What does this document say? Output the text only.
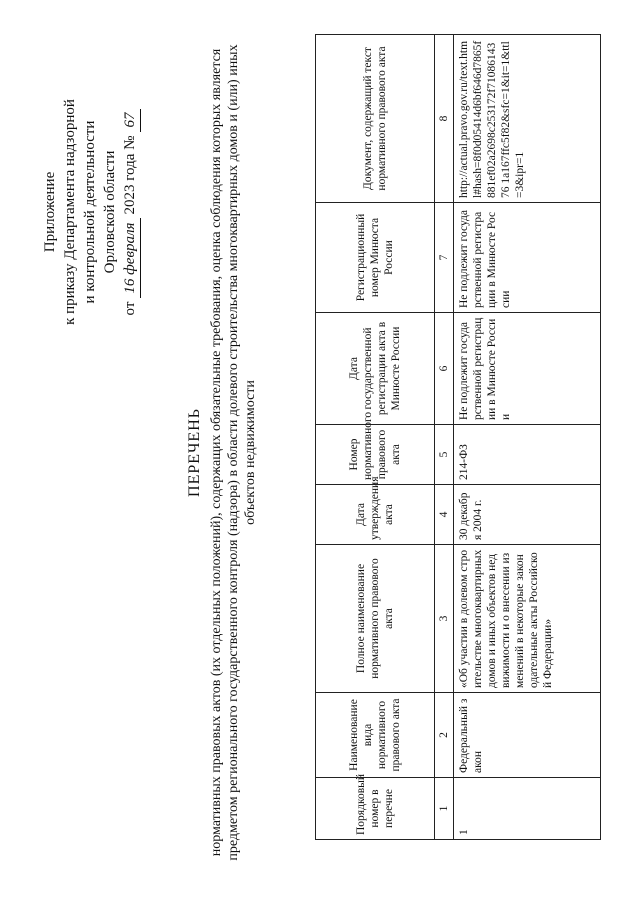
Приложение к приказу Департамента надзорной и контрольной деятельности Орловской области
от
16 февраля
2023 года №
67
ПЕРЕЧЕНЬ нормативных правовых актов (их отдельных положений), содержащих обязательные требования, оценка соблюдения которых является предметом регионального государственного контроля (надзора) в области долевого строительства многоквартирных домов и (или) иных объектов недвижимости
Порядковый номер в перечне	Наименование вида нормативного правового акта	Полное наименование нормативного правового акта	Дата утверждения акта	Номер нормативного правового акта	Дата государственной регистрации акта в Минюсте России	Регистрационный номер Минюста России	Документ, содержащий текст нормативного правового акта
1	2	3	4	5	6	7	8
1	Федеральный закон	«Об участии в долевом строительстве многоквартирных домов и иных объектов недвижимости и о внесении изменений в некоторые законодательные акты Российской Федерации»	30 декабря 2004 г.	214-ФЗ	Не подлежит государственной регистрации в Минюсте России	Не подлежит государственной регистрации в Минюсте России	http://actual.pravo.gov.ru/text.html#hash=8f0d05414d6bf646d7865f881ef02a2698c253172f7108614376 1a167ffc5f82&sfc=1&it=1&ttl=3&ipr=1
